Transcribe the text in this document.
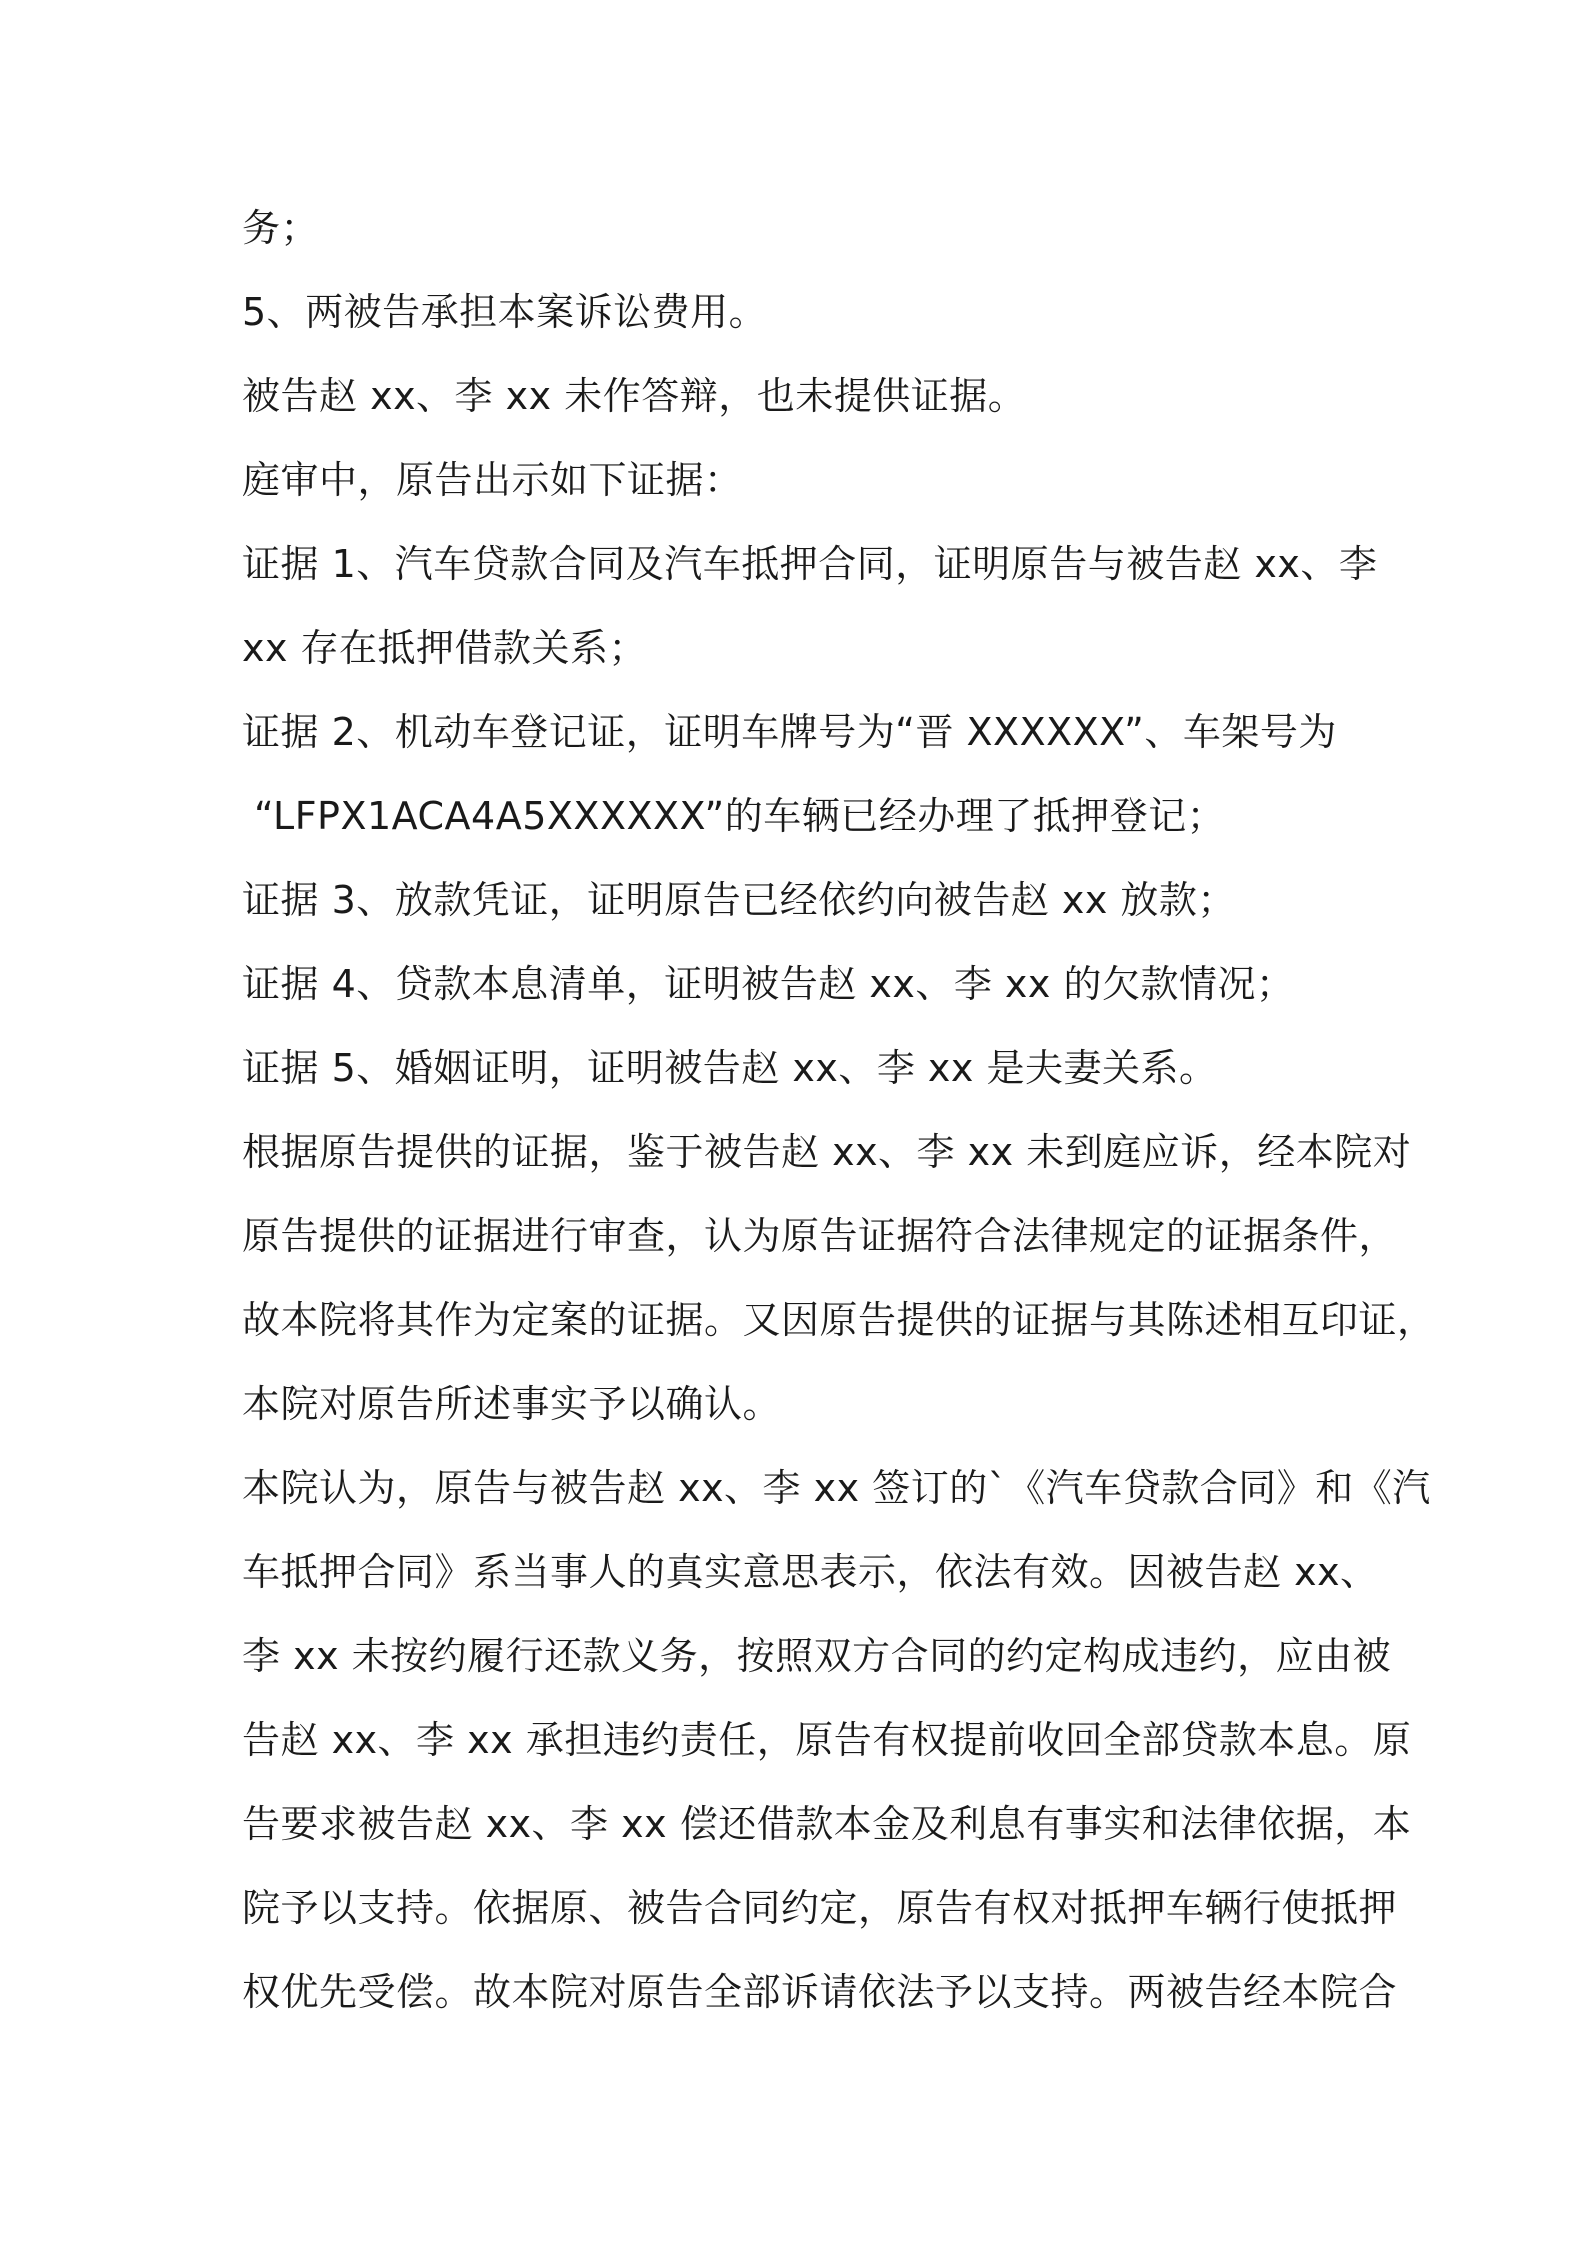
务；
5、两被告承担本案诉讼费用。
被告赵 xx、李 xx 未作答辩，也未提供证据。
庭审中，原告出示如下证据：
证据 1、汽车贷款合同及汽车抵押合同，证明原告与被告赵 xx、李
xx 存在抵押借款关系；
证据 2、机动车登记证，证明车牌号为“晋 XXXXXX”、车架号为
“LFPX1ACA4A5XXXXXX”的车辆已经办理了抵押登记；
证据 3、放款凭证，证明原告已经依约向被告赵 xx 放款；
证据 4、贷款本息清单，证明被告赵 xx、李 xx 的欠款情况；
证据 5、婚姻证明，证明被告赵 xx、李 xx 是夫妻关系。
根据原告提供的证据，鉴于被告赵 xx、李 xx 未到庭应诉，经本院对
原告提供的证据进行审查，认为原告证据符合法律规定的证据条件，
故本院将其作为定案的证据。又因原告提供的证据与其陈述相互印证，
本院对原告所述事实予以确认。
本院认为，原告与被告赵 xx、李 xx 签订的`《汽车贷款合同》和《汽
车抵押合同》系当事人的真实意思表示，依法有效。因被告赵 xx、
李 xx 未按约履行还款义务，按照双方合同的约定构成违约，应由被
告赵 xx、李 xx 承担违约责任，原告有权提前收回全部贷款本息。原
告要求被告赵 xx、李 xx 偿还借款本金及利息有事实和法律依据，本
院予以支持。依据原、被告合同约定，原告有权对抵押车辆行使抵押
权优先受偿。故本院对原告全部诉请依法予以支持。两被告经本院合
